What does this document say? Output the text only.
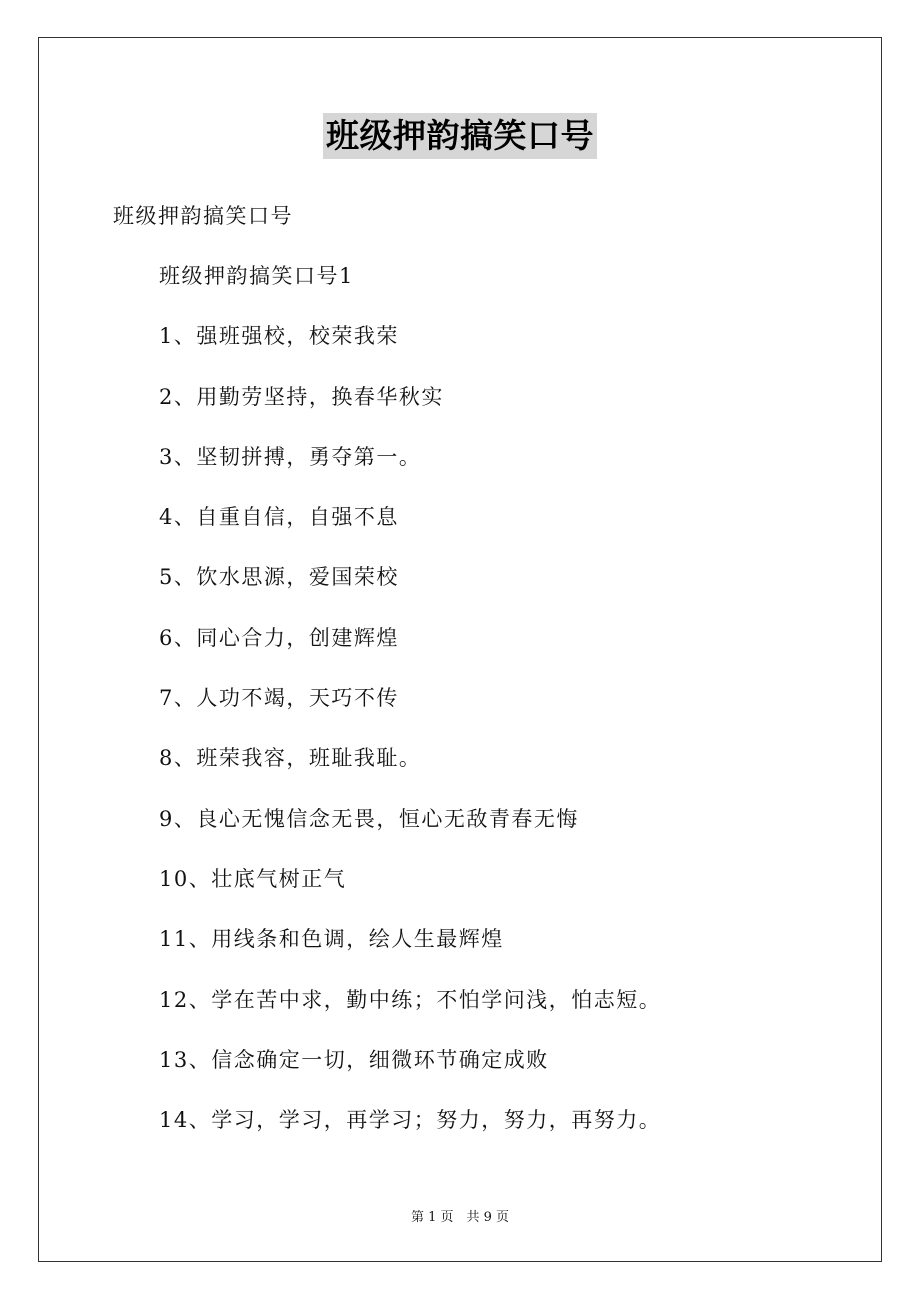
班级押韵搞笑口号
班级押韵搞笑口号
班级押韵搞笑口号1
1、强班强校，校荣我荣
2、用勤劳坚持，换春华秋实
3、坚韧拼搏，勇夺第一。
4、自重自信，自强不息
5、饮水思源，爱国荣校
6、同心合力，创建辉煌
7、人功不竭，天巧不传
8、班荣我容，班耻我耻。
9、良心无愧信念无畏，恒心无敌青春无悔
10、壮底气树正气
11、用线条和色调，绘人生最辉煌
12、学在苦中求，勤中练；不怕学问浅，怕志短。
13、信念确定一切，细微环节确定成败
14、学习，学习，再学习；努力，努力，再努力。
第 1 页　共 9 页
